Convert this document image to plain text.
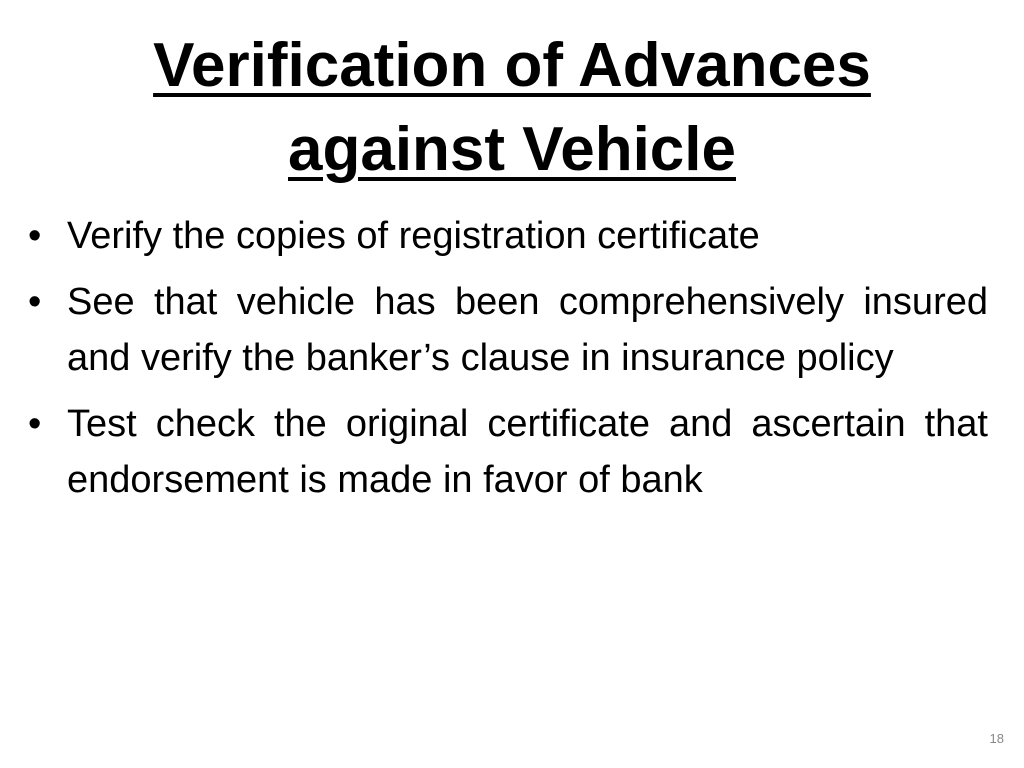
Verification of Advances
against Vehicle
• Verify the copies of registration certificate
• See that vehicle has been comprehensively insured and verify the banker’s clause in insurance policy
• Test check the original certificate and ascertain that endorsement is made in favor of bank
18
